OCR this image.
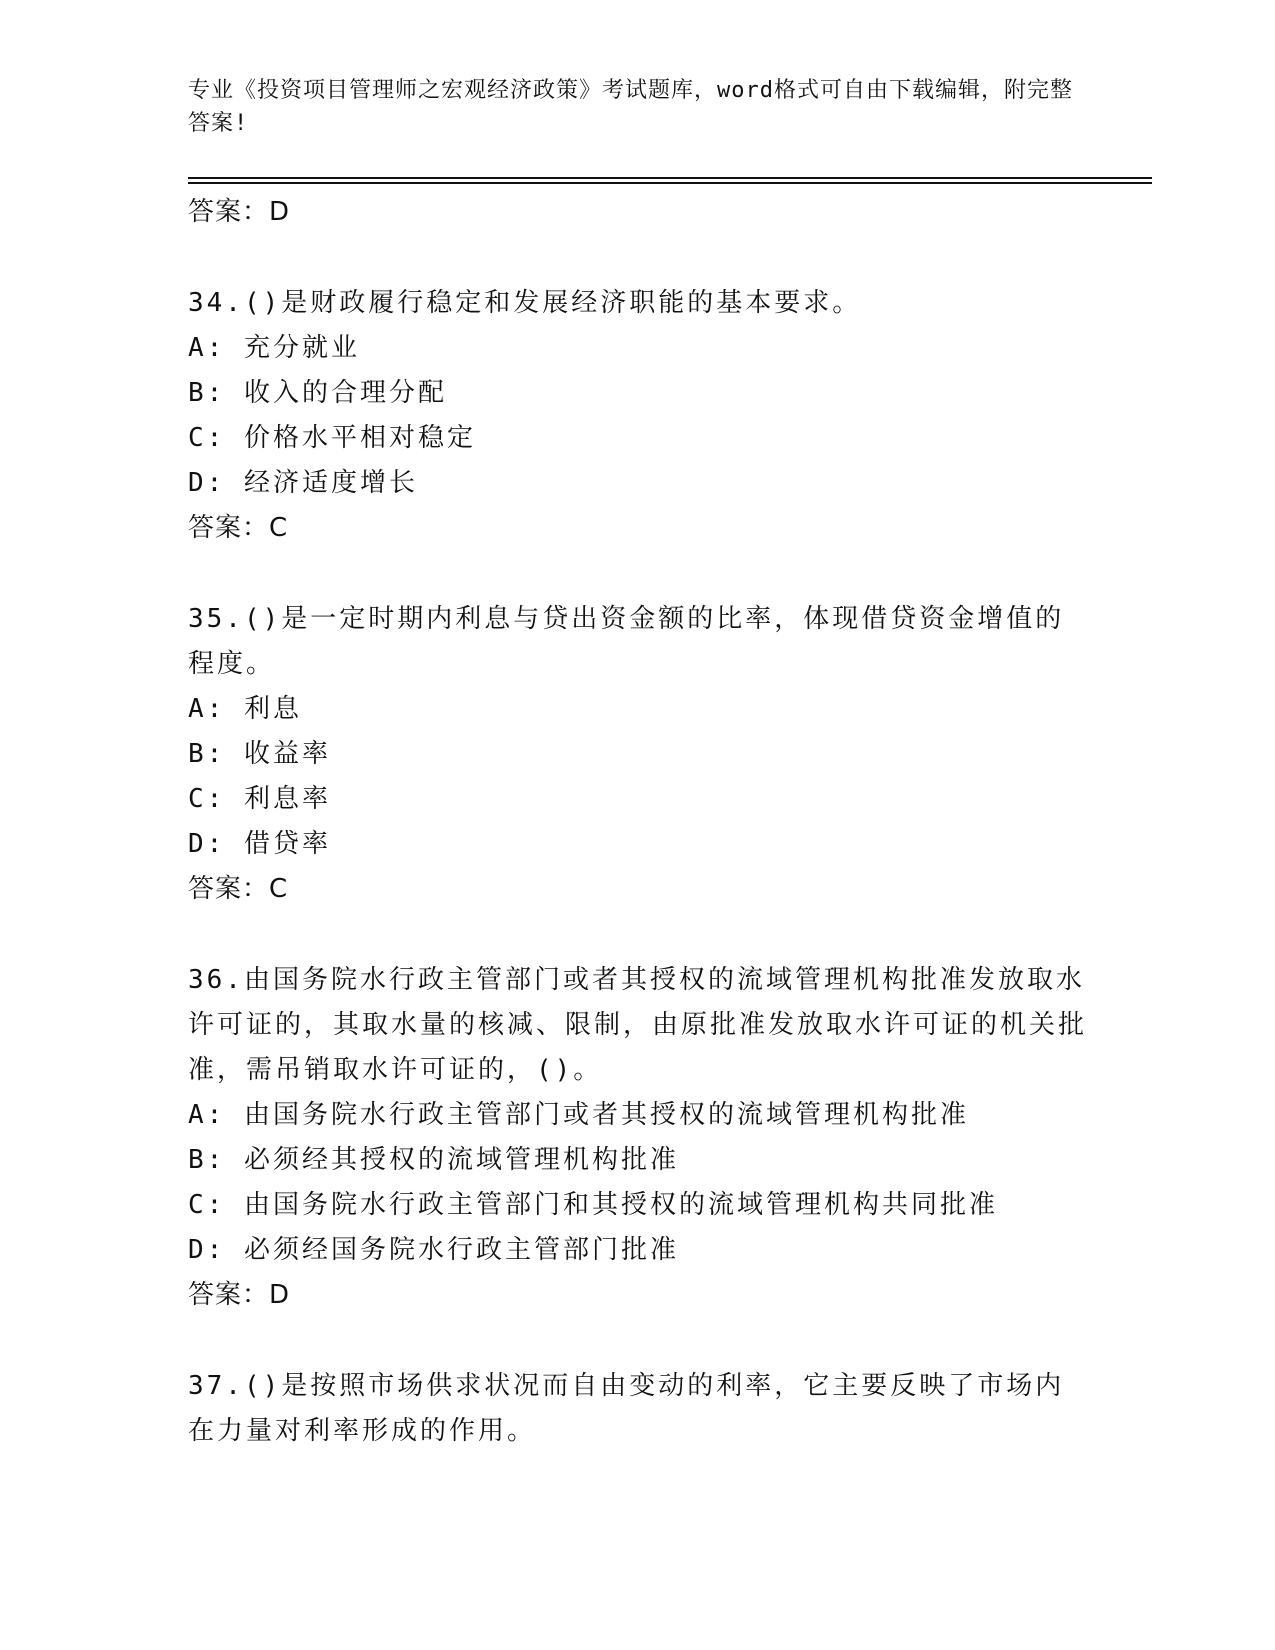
专业《投资项目管理师之宏观经济政策》考试题库，word格式可自由下载编辑，附完整答案!
答案：D
34.()是财政履行稳定和发展经济职能的基本要求。
A: 充分就业
B: 收入的合理分配
C: 价格水平相对稳定
D: 经济适度增长
答案：C
35.()是一定时期内利息与贷出资金额的比率，体现借贷资金增值的程度。
A: 利息
B: 收益率
C: 利息率
D: 借贷率
答案：C
36.由国务院水行政主管部门或者其授权的流域管理机构批准发放取水许可证的，其取水量的核减、限制，由原批准发放取水许可证的机关批准，需吊销取水许可证的，()。
A: 由国务院水行政主管部门或者其授权的流域管理机构批准
B: 必须经其授权的流域管理机构批准
C: 由国务院水行政主管部门和其授权的流域管理机构共同批准
D: 必须经国务院水行政主管部门批准
答案：D
37.()是按照市场供求状况而自由变动的利率，它主要反映了市场内在力量对利率形成的作用。
